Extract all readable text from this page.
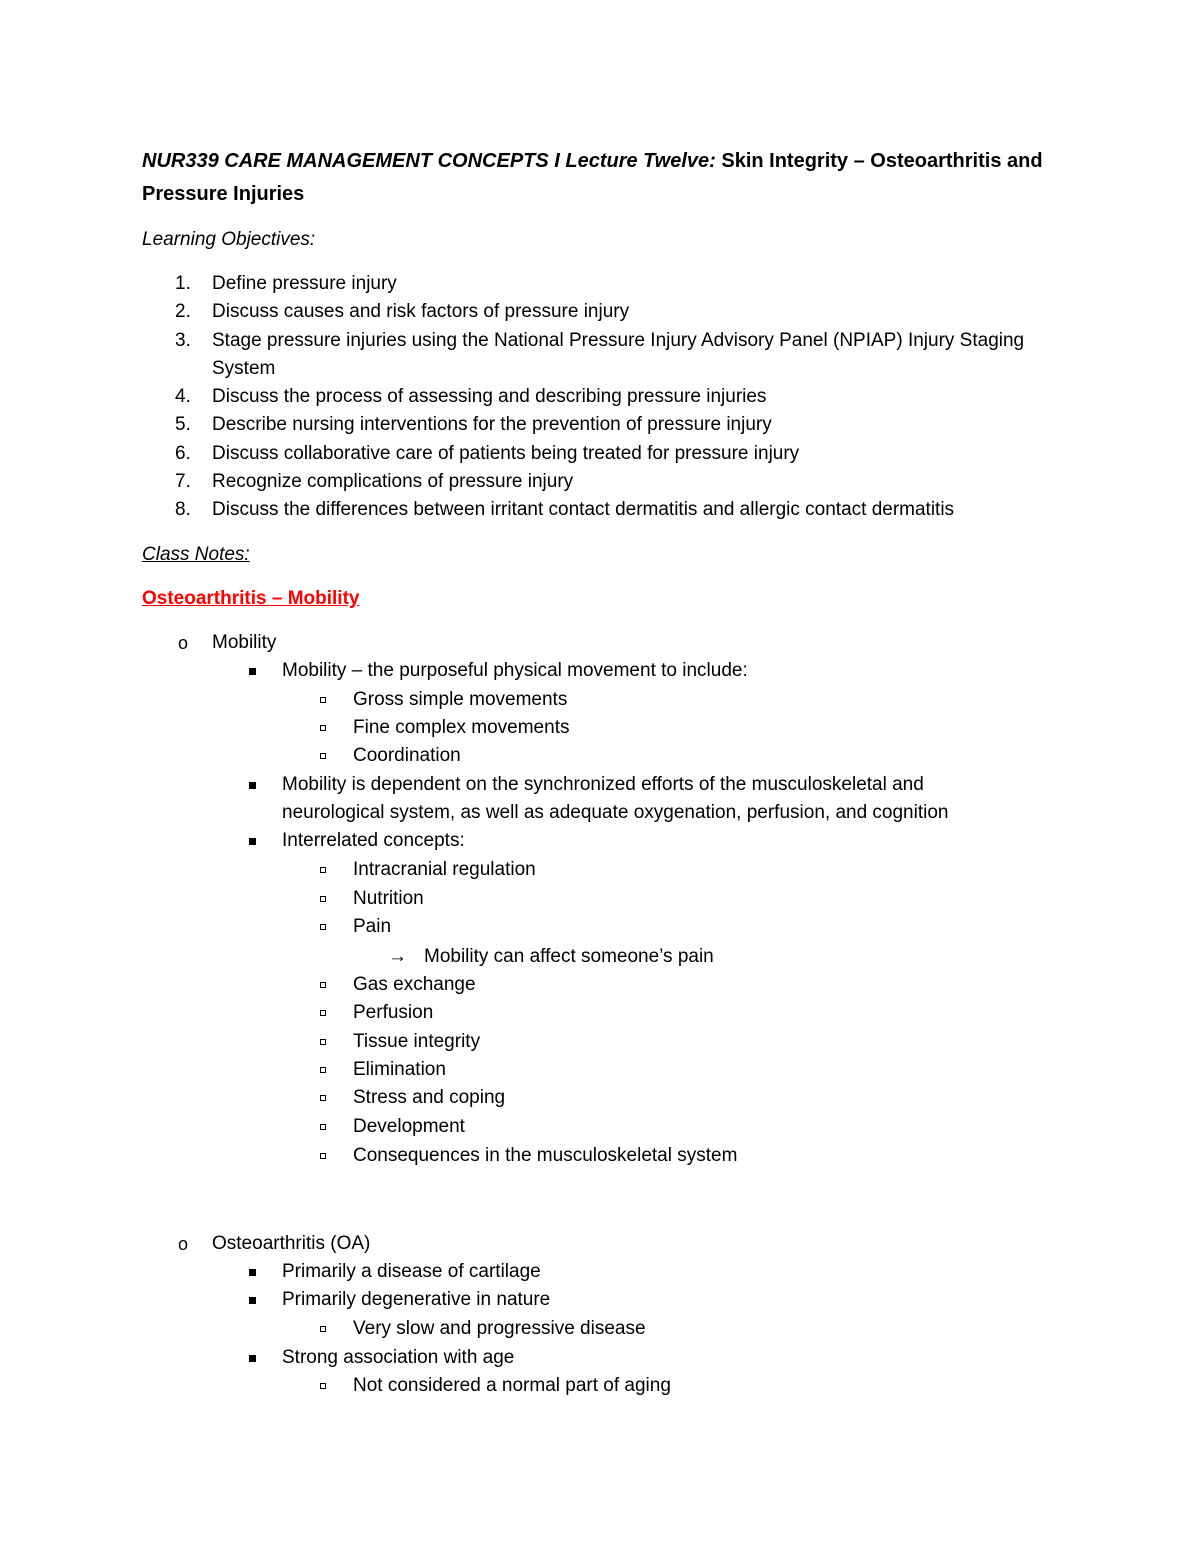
NUR339 CARE MANAGEMENT CONCEPTS I Lecture Twelve: Skin Integrity – Osteoarthritis and Pressure Injuries

Learning Objectives:
1. Define pressure injury
2. Discuss causes and risk factors of pressure injury
3. Stage pressure injuries using the National Pressure Injury Advisory Panel (NPIAP) Injury Staging
System
4. Discuss the process of assessing and describing pressure injuries
5. Describe nursing interventions for the prevention of pressure injury
6. Discuss collaborative care of patients being treated for pressure injury
7. Recognize complications of pressure injury
8. Discuss the differences between irritant contact dermatitis and allergic contact dermatitis
Class Notes:
Osteoarthritis – Mobility
o Mobility
Mobility – the purposeful physical movement to include:
Gross simple movements
Fine complex movements
Coordination
Mobility is dependent on the synchronized efforts of the musculoskeletal and
neurological system, as well as adequate oxygenation, perfusion, and cognition
Interrelated concepts:
Intracranial regulation
Nutrition
Pain
→ Mobility can affect someone’s pain
Gas exchange
Perfusion
Tissue integrity
Elimination
Stress and coping
Development
Consequences in the musculoskeletal system
o Osteoarthritis (OA)
Primarily a disease of cartilage
Primarily degenerative in nature
Very slow and progressive disease
Strong association with age
Not considered a normal part of aging
